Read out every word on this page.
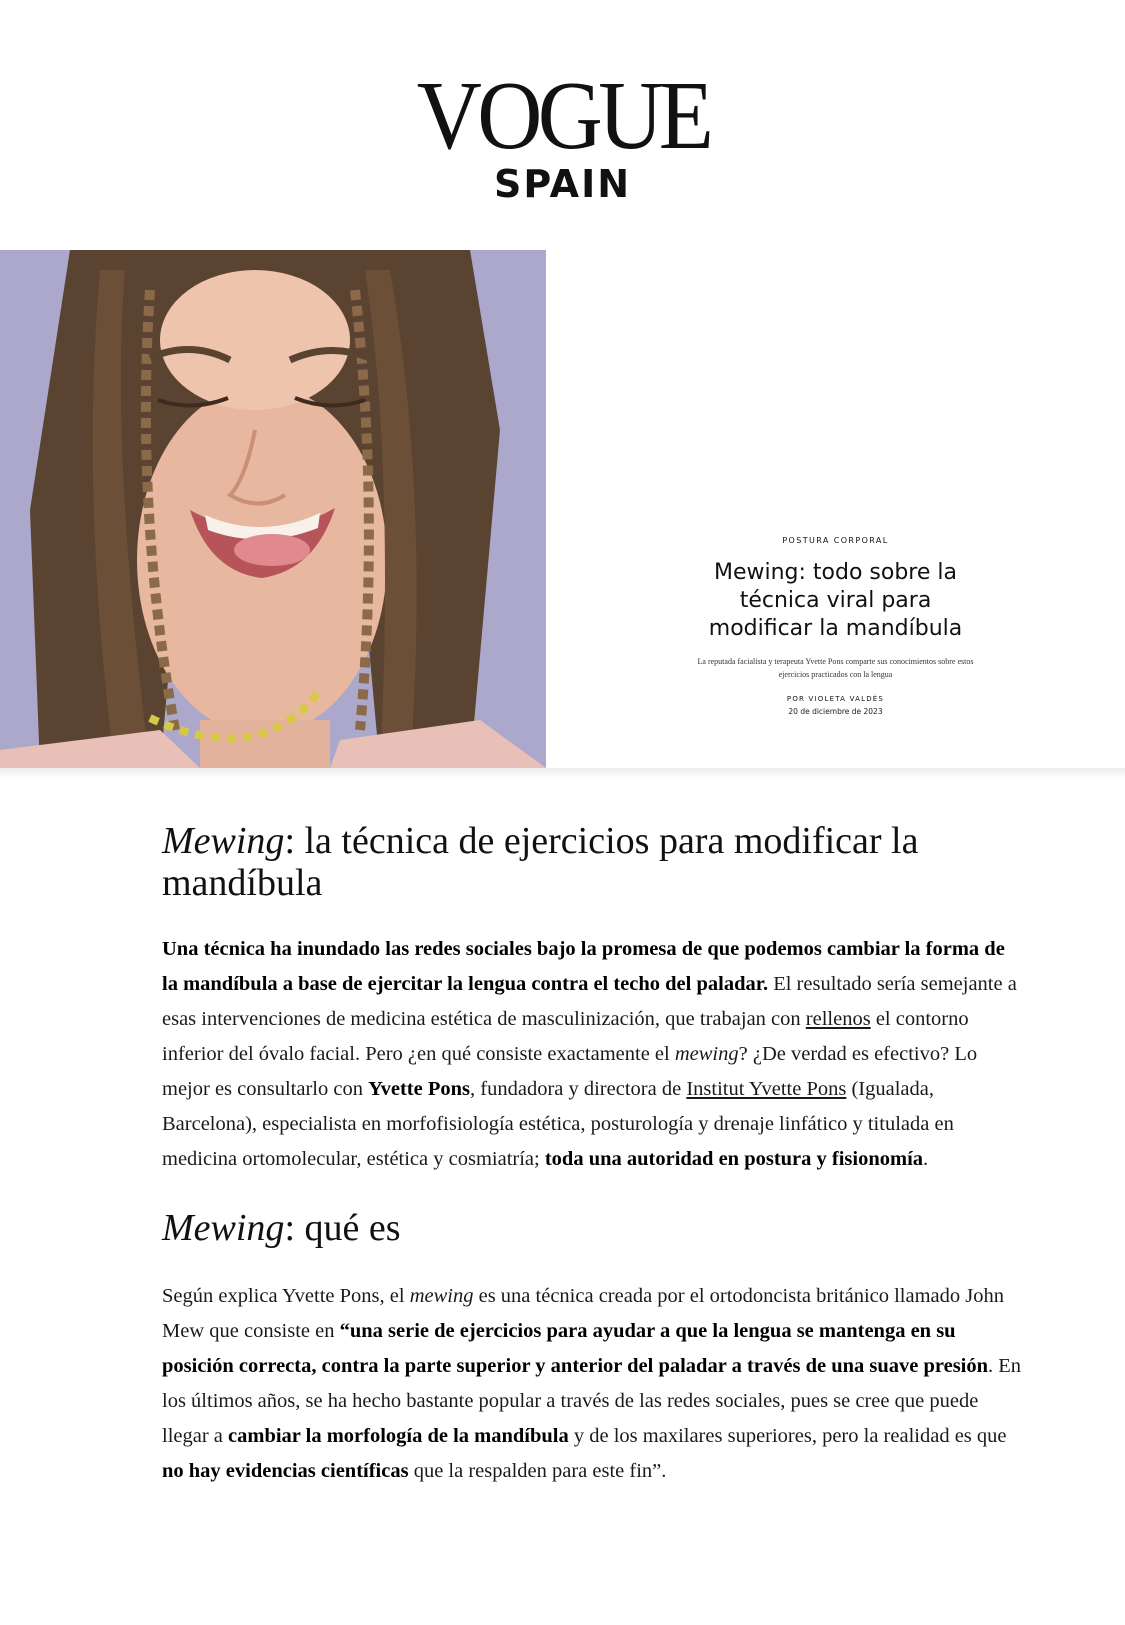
VOGUE
SPAIN
POSTURA CORPORAL
Mewing: todo sobre la técnica viral para modificar la mandíbula
La reputada facialista y terapeuta Yvette Pons comparte sus conocimientos sobre estos ejercicios practicados con la lengua
POR VIOLETA VALDÉS
20 de diciembre de 2023
Mewing: la técnica de ejercicios para modificar la mandíbula

Una técnica ha inundado las redes sociales bajo la promesa de que podemos cambiar la forma de la mandíbula a base de ejercitar la lengua contra el techo del paladar. El resultado sería semejante a esas intervenciones de medicina estética de masculinización, que trabajan con rellenos el contorno inferior del óvalo facial. Pero ¿en qué consiste exactamente el mewing? ¿De verdad es efectivo? Lo mejor es consultarlo con Yvette Pons, fundadora y directora de Institut Yvette Pons (Igualada, Barcelona), especialista en morfofisiología estética, posturología y drenaje linfático y titulada en medicina ortomolecular, estética y cosmiatría; toda una autoridad en postura y fisionomía.

Mewing: qué es

Según explica Yvette Pons, el mewing es una técnica creada por el ortodoncista británico llamado John Mew que consiste en “una serie de ejercicios para ayudar a que la lengua se mantenga en su posición correcta, contra la parte superior y anterior del paladar a través de una suave presión. En los últimos años, se ha hecho bastante popular a través de las redes sociales, pues se cree que puede llegar a cambiar la morfología de la mandíbula y de los maxilares superiores, pero la realidad es que no hay evidencias científicas que la respalden para este fin”.
